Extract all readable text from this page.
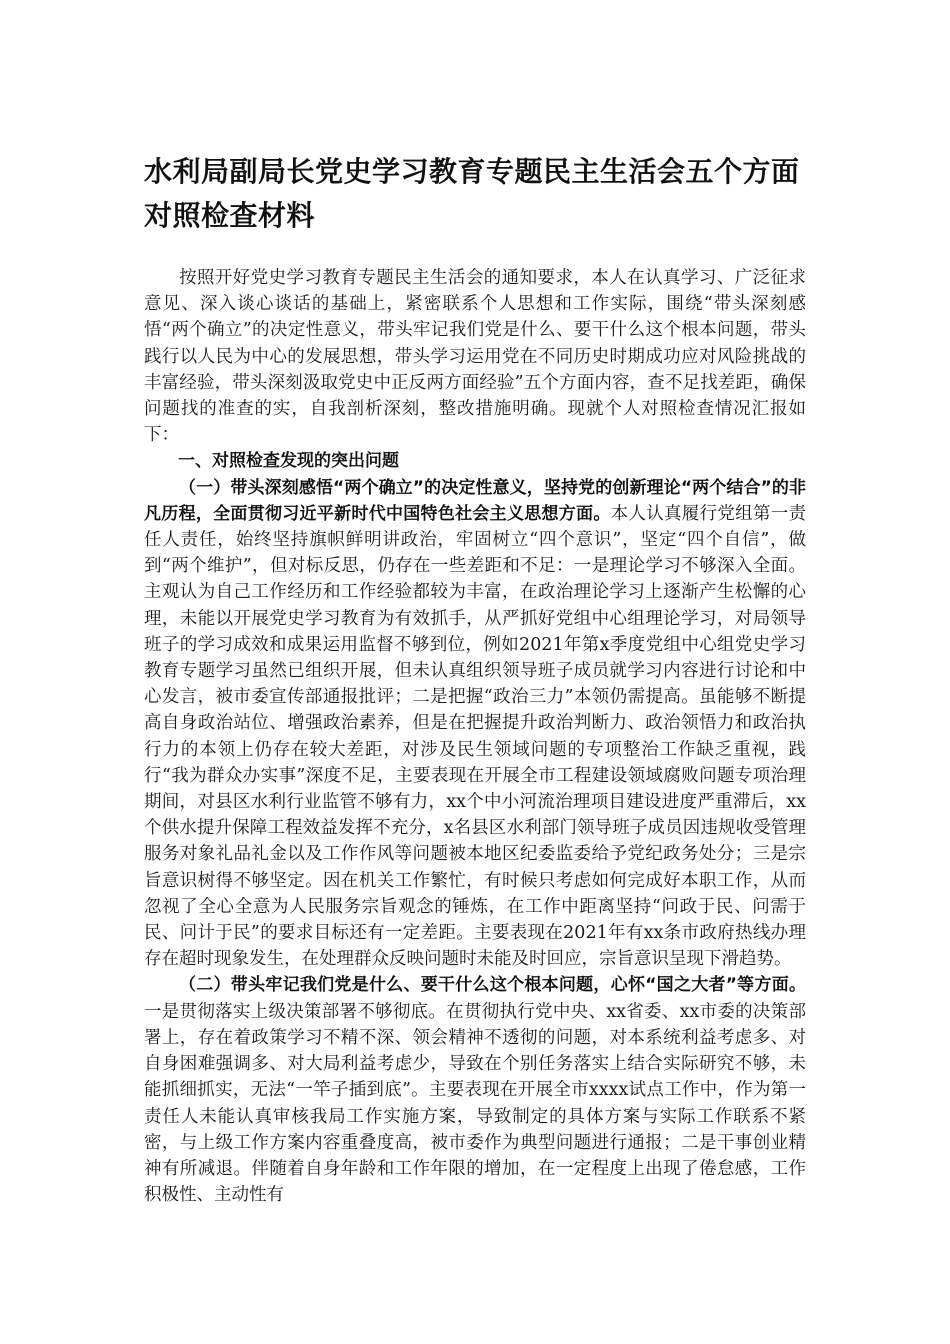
水利局副局长党史学习教育专题民主生活会五个方面
对照检查材料

按照开好党史学习教育专题民主生活会的通知要求，本人在认真学习、广泛征求意见、深入谈心谈话的基础上，紧密联系个人思想和工作实际，围绕“带头深刻感悟“两个确立”的决定性意义，带头牢记我们党是什么、要干什么这个根本问题，带头践行以人民为中心的发展思想，带头学习运用党在不同历史时期成功应对风险挑战的丰富经验，带头深刻汲取党史中正反两方面经验”五个方面内容，查不足找差距，确保问题找的准查的实，自我剖析深刻，整改措施明确。现就个人对照检查情况汇报如下：

一、对照检查发现的突出问题

（一）带头深刻感悟“两个确立”的决定性意义，坚持党的创新理论“两个结合”的非凡历程，全面贯彻习近平新时代中国特色社会主义思想方面。本人认真履行党组第一责任人责任，始终坚持旗帜鲜明讲政治，牢固树立“四个意识”，坚定“四个自信”，做到“两个维护”，但对标反思，仍存在一些差距和不足：一是理论学习不够深入全面。主观认为自己工作经历和工作经验都较为丰富，在政治理论学习上逐渐产生松懈的心理，未能以开展党史学习教育为有效抓手，从严抓好党组中心组理论学习，对局领导班子的学习成效和成果运用监督不够到位，例如2021年第x季度党组中心组党史学习教育专题学习虽然已组织开展，但未认真组织领导班子成员就学习内容进行讨论和中心发言，被市委宣传部通报批评；二是把握“政治三力”本领仍需提高。虽能够不断提高自身政治站位、增强政治素养，但是在把握提升政治判断力、政治领悟力和政治执行力的本领上仍存在较大差距，对涉及民生领域问题的专项整治工作缺乏重视，践行“我为群众办实事”深度不足，主要表现在开展全市工程建设领域腐败问题专项治理期间，对县区水利行业监管不够有力，xx个中小河流治理项目建设进度严重滞后，xx个供水提升保障工程效益发挥不充分，x名县区水利部门领导班子成员因违规收受管理服务对象礼品礼金以及工作作风等问题被本地区纪委监委给予党纪政务处分；三是宗旨意识树得不够坚定。因在机关工作繁忙，有时候只考虑如何完成好本职工作，从而忽视了全心全意为人民服务宗旨观念的锤炼，在工作中距离坚持“问政于民、问需于民、问计于民”的要求目标还有一定差距。主要表现在2021年有xx条市政府热线办理存在超时现象发生，在处理群众反映问题时未能及时回应，宗旨意识呈现下滑趋势。

（二）带头牢记我们党是什么、要干什么这个根本问题，心怀“国之大者”等方面。一是贯彻落实上级决策部署不够彻底。在贯彻执行党中央、xx省委、xx市委的决策部署上，存在着政策学习不精不深、领会精神不透彻的问题，对本系统利益考虑多、对自身困难强调多、对大局利益考虑少，导致在个别任务落实上结合实际研究不够，未能抓细抓实，无法“一竿子插到底”。主要表现在开展全市xxxx试点工作中，作为第一责任人未能认真审核我局工作实施方案，导致制定的具体方案与实际工作联系不紧密，与上级工作方案内容重叠度高，被市委作为典型问题进行通报；二是干事创业精神有所减退。伴随着自身年龄和工作年限的增加，在一定程度上出现了倦怠感，工作积极性、主动性有
